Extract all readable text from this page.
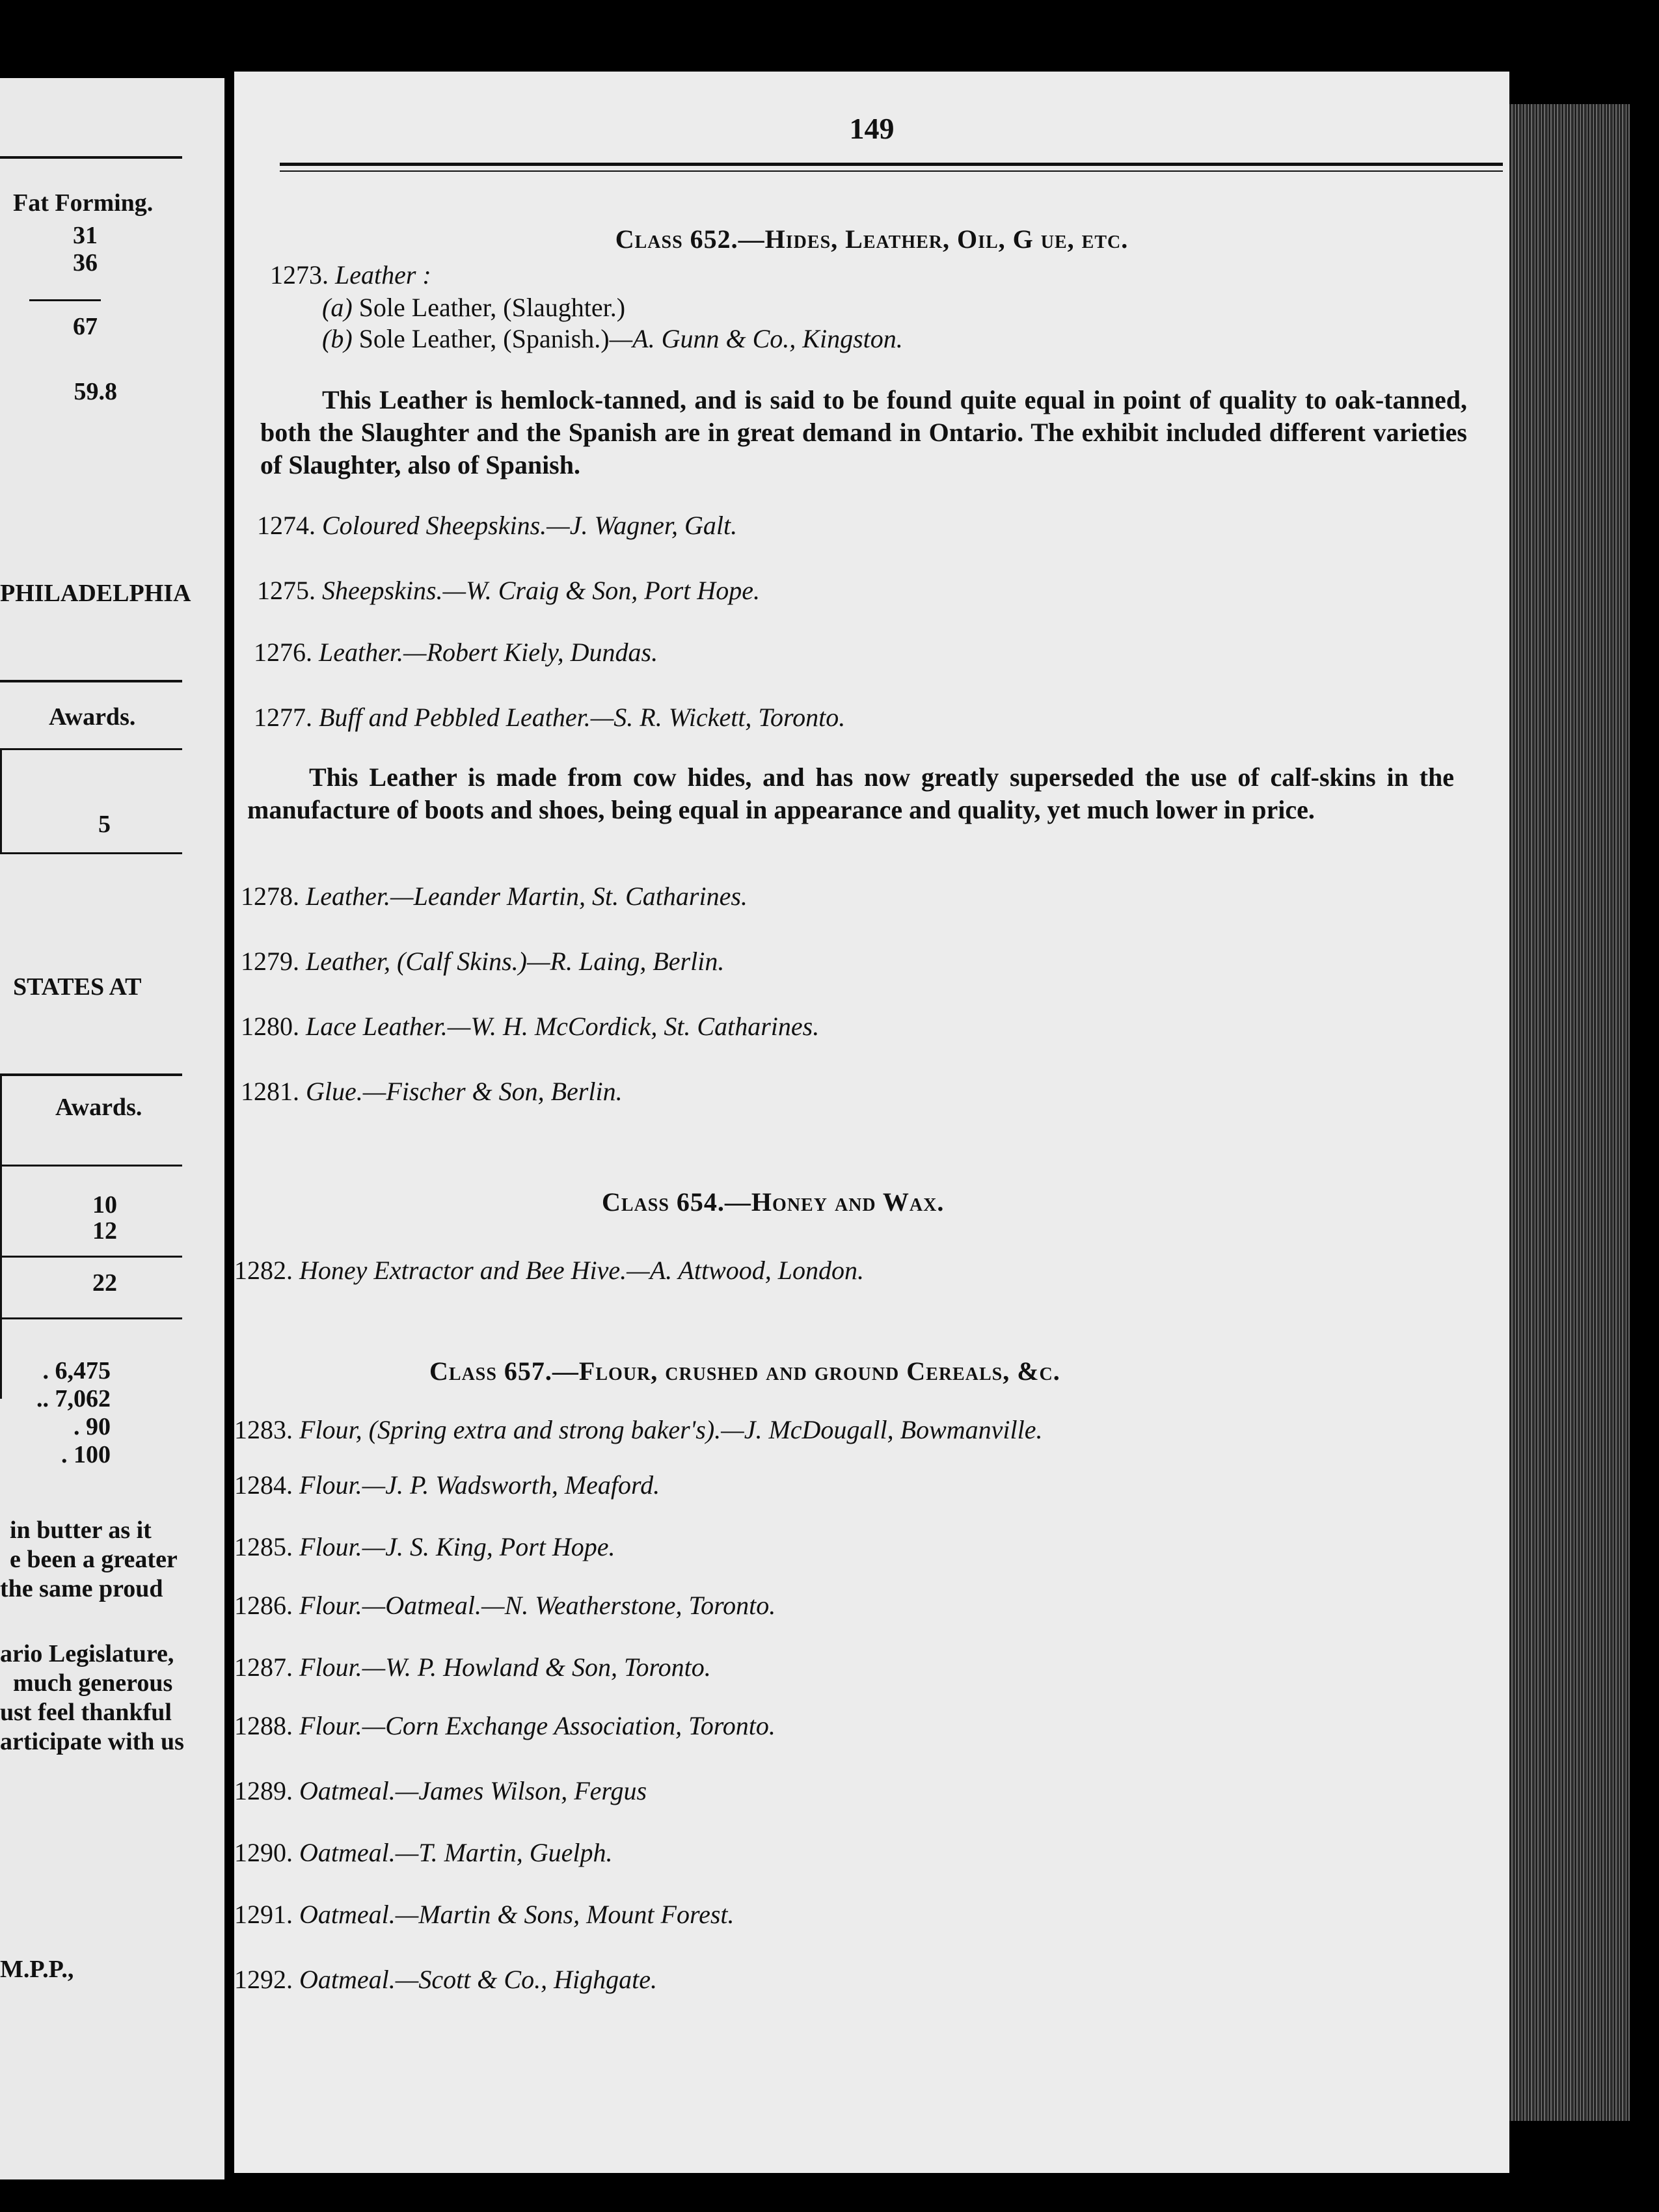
Fat Forming.
31
36
67
59.8
PHILADELPHIA
Awards.
5
STATES AT
Awards.
10
12
22
. 6,475
.. 7,062
. 90
. 100
in butter as it
e been a greater
the same proud
ario Legislature,
much generous
ust feel thankful
articipate with us
M.P.P.,
149
Class 652.—Hides, Leather, Oil, G ue, etc.
1273. Leather :
(a) Sole Leather, (Slaughter.)
(b) Sole Leather, (Spanish.)—A. Gunn & Co., Kingston.
This Leather is hemlock-tanned, and is said to be found quite equal in point of quality to oak-tanned, both the Slaughter and the Spanish are in great demand in Ontario. The exhibit included different varieties of Slaughter, also of Spanish.
1274. Coloured Sheepskins.—J. Wagner, Galt.
1275. Sheepskins.—W. Craig & Son, Port Hope.
1276. Leather.—Robert Kiely, Dundas.
1277. Buff and Pebbled Leather.—S. R. Wickett, Toronto.
This Leather is made from cow hides, and has now greatly superseded the use of calf-skins in the manufacture of boots and shoes, being equal in appearance and quality, yet much lower in price.
1278. Leather.—Leander Martin, St. Catharines.
1279. Leather, (Calf Skins.)—R. Laing, Berlin.
1280. Lace Leather.—W. H. McCordick, St. Catharines.
1281. Glue.—Fischer & Son, Berlin.
Class 654.—Honey and Wax.
1282. Honey Extractor and Bee Hive.—A. Attwood, London.
Class 657.—Flour, crushed and ground Cereals, &c.
1283. Flour, (Spring extra and strong baker's).—J. McDougall, Bowmanville.
1284. Flour.—J. P. Wadsworth, Meaford.
1285. Flour.—J. S. King, Port Hope.
1286. Flour.—Oatmeal.—N. Weatherstone, Toronto.
1287. Flour.—W. P. Howland & Son, Toronto.
1288. Flour.—Corn Exchange Association, Toronto.
1289. Oatmeal.—James Wilson, Fergus
1290. Oatmeal.—T. Martin, Guelph.
1291. Oatmeal.—Martin & Sons, Mount Forest.
1292. Oatmeal.—Scott & Co., Highgate.
